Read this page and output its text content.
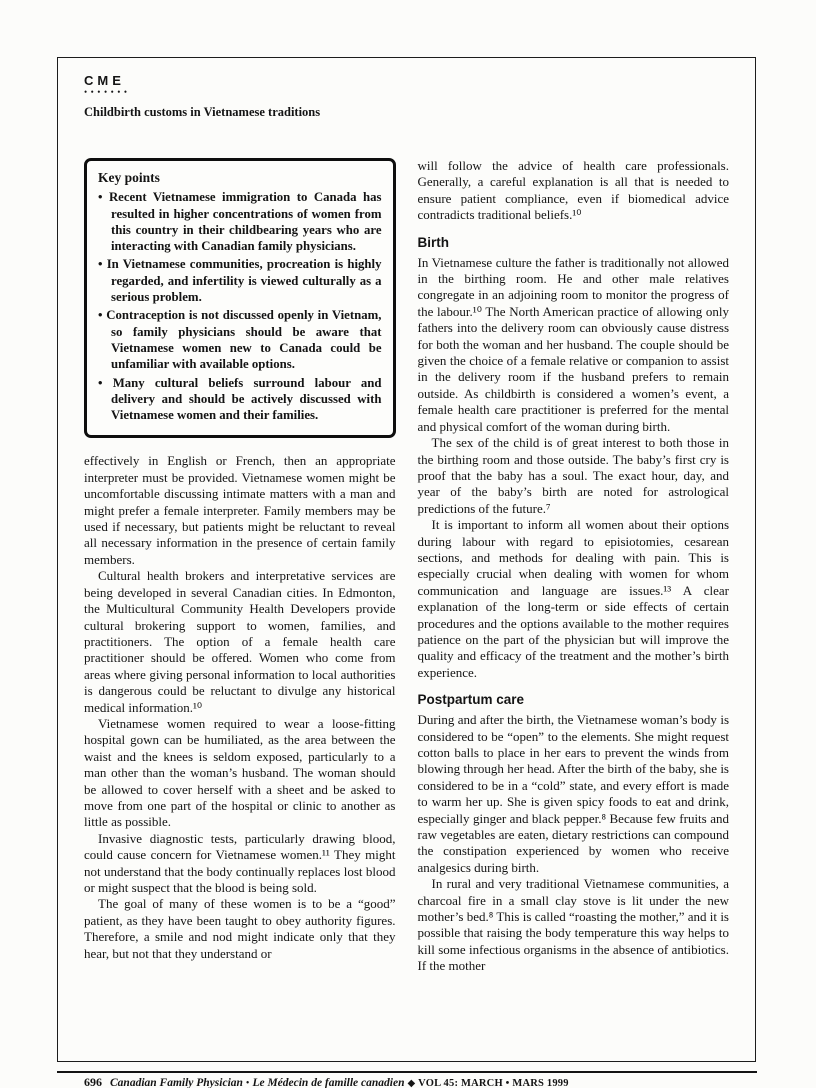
CME
•••••••
Childbirth customs in Vietnamese traditions
Key points
• Recent Vietnamese immigration to Canada has resulted in higher concentrations of women from this country in their childbearing years who are interacting with Canadian family physicians.
• In Vietnamese communities, procreation is highly regarded, and infertility is viewed culturally as a serious problem.
• Contraception is not discussed openly in Vietnam, so family physicians should be aware that Vietnamese women new to Canada could be unfamiliar with available options.
• Many cultural beliefs surround labour and delivery and should be actively discussed with Vietnamese women and their families.

effectively in English or French, then an appropriate interpreter must be provided. Vietnamese women might be uncomfortable discussing intimate matters with a man and might prefer a female interpreter. Family members may be used if necessary, but patients might be reluctant to reveal all necessary information in the presence of certain family members.

Cultural health brokers and interpretative services are being developed in several Canadian cities. In Edmonton, the Multicultural Community Health Developers provide cultural brokering support to women, families, and practitioners. The option of a female health care practitioner should be offered. Women who come from areas where giving personal information to local authorities is dangerous could be reluctant to divulge any historical medical information.¹⁰

Vietnamese women required to wear a loose-fitting hospital gown can be humiliated, as the area between the waist and the knees is seldom exposed, particularly to a man other than the woman’s husband. The woman should be allowed to cover herself with a sheet and be asked to move from one part of the hospital or clinic to another as little as possible.

Invasive diagnostic tests, particularly drawing blood, could cause concern for Vietnamese women.¹¹ They might not understand that the body continually replaces lost blood or might suspect that the blood is being sold.

The goal of many of these women is to be a “good” patient, as they have been taught to obey authority figures. Therefore, a smile and nod might indicate only that they hear, but not that they understand or

will follow the advice of health care professionals. Generally, a careful explanation is all that is needed to ensure patient compliance, even if biomedical advice contradicts traditional beliefs.¹⁰

Birth

In Vietnamese culture the father is traditionally not allowed in the birthing room. He and other male relatives congregate in an adjoining room to monitor the progress of the labour.¹⁰ The North American practice of allowing only fathers into the delivery room can obviously cause distress for both the woman and her husband. The couple should be given the choice of a female relative or companion to assist in the delivery room if the husband prefers to remain outside. As childbirth is considered a women’s event, a female health care practitioner is preferred for the mental and physical comfort of the woman during birth.

The sex of the child is of great interest to both those in the birthing room and those outside. The baby’s first cry is proof that the baby has a soul. The exact hour, day, and year of the baby’s birth are noted for astrological predictions of the future.⁷

It is important to inform all women about their options during labour with regard to episiotomies, cesarean sections, and methods for dealing with pain. This is especially crucial when dealing with women for whom communication and language are issues.¹³ A clear explanation of the long-term or side effects of certain procedures and the options available to the mother requires patience on the part of the physician but will improve the quality and efficacy of the treatment and the mother’s birth experience.

Postpartum care

During and after the birth, the Vietnamese woman’s body is considered to be “open” to the elements. She might request cotton balls to place in her ears to prevent the winds from blowing through her head. After the birth of the baby, she is considered to be in a “cold” state, and every effort is made to warm her up. She is given spicy foods to eat and drink, especially ginger and black pepper.⁸ Because few fruits and raw vegetables are eaten, dietary restrictions can compound the constipation experienced by women who receive analgesics during birth.

In rural and very traditional Vietnamese communities, a charcoal fire in a small clay stove is lit under the new mother’s bed.⁸ This is called “roasting the mother,” and it is possible that raising the body temperature this way helps to kill some infectious organisms in the absence of antibiotics. If the mother

696 Canadian Family Physician • Le Médecin de famille canadien ◆ VOL 45: MARCH • MARS 1999
